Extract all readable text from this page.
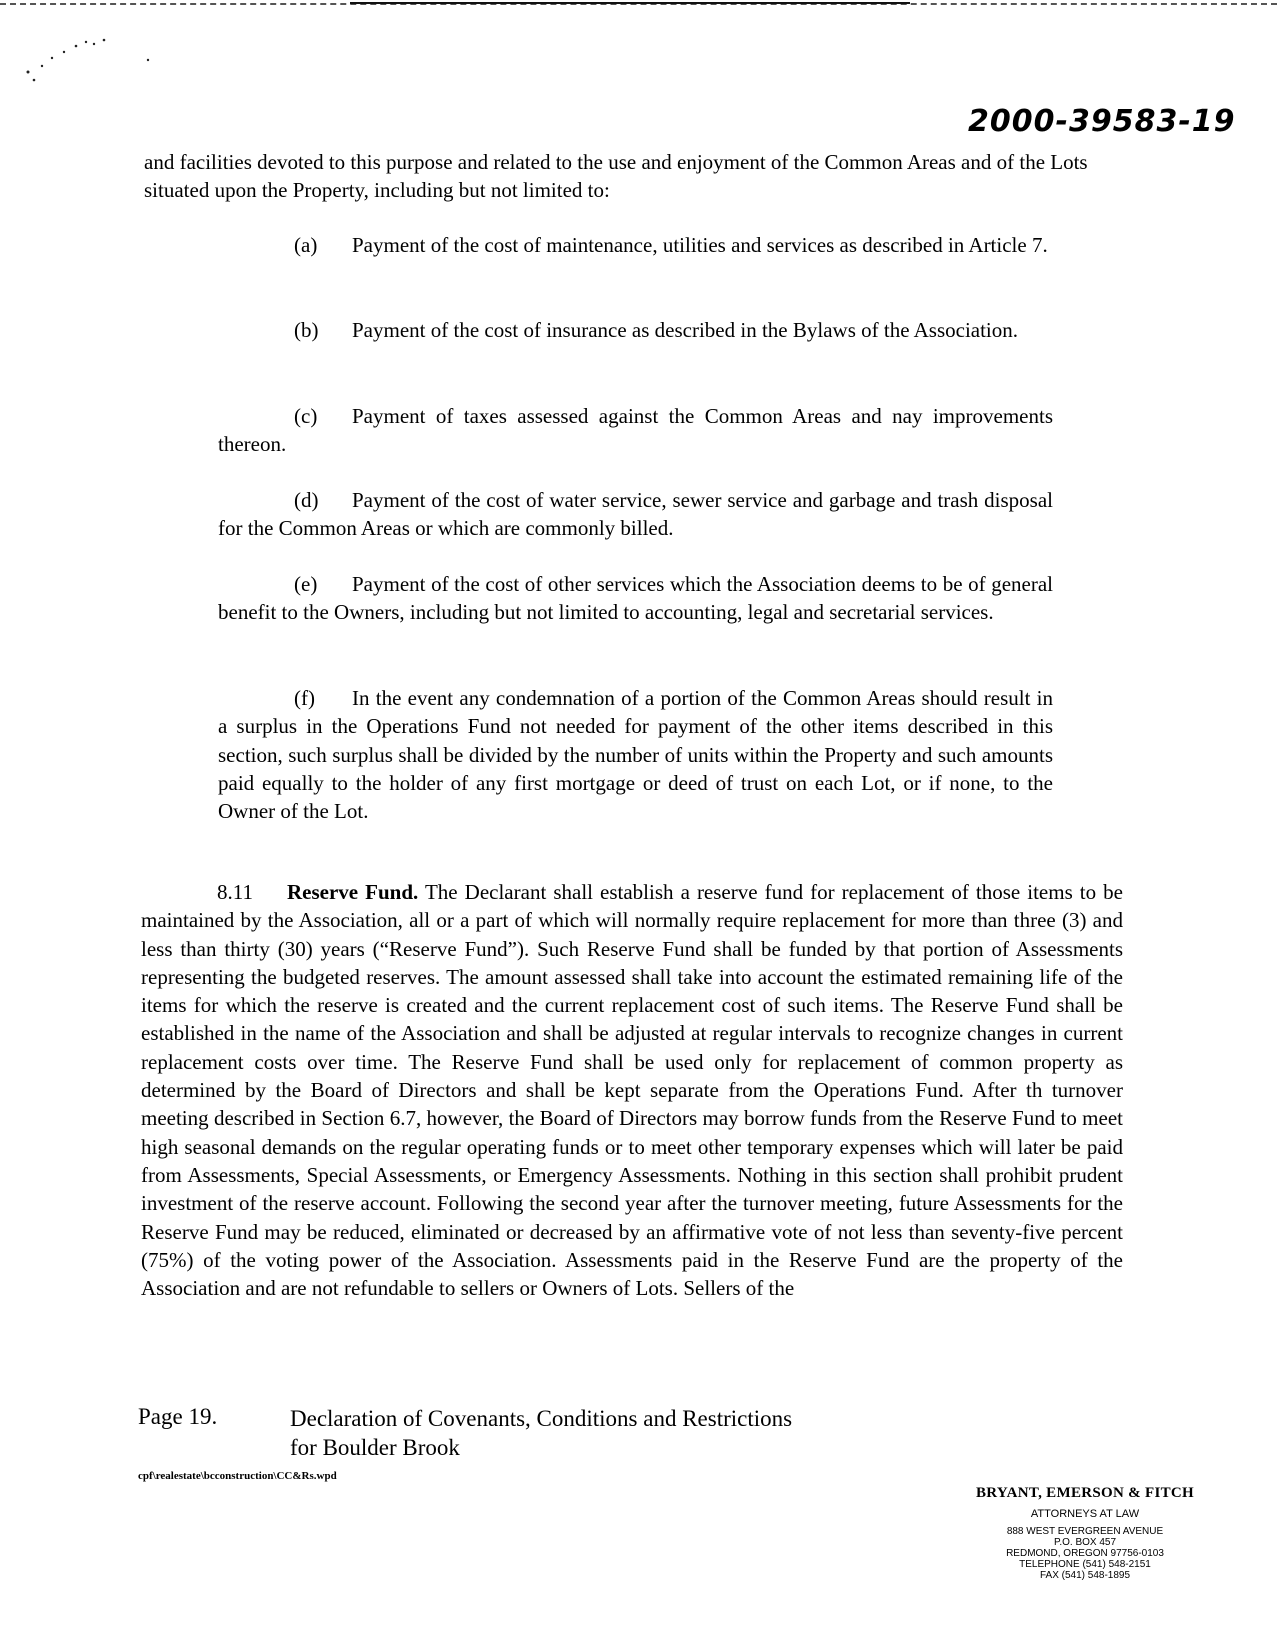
2000-39583-19

and facilities devoted to this purpose and related to the use and enjoyment of the Common Areas and of the Lots situated upon the Property, including but not limited to:

(a) Payment of the cost of maintenance, utilities and services as described in Article 7.

(b) Payment of the cost of insurance as described in the Bylaws of the Association.

(c) Payment of taxes assessed against the Common Areas and nay improvements thereon.

(d) Payment of the cost of water service, sewer service and garbage and trash disposal for the Common Areas or which are commonly billed.

(e) Payment of the cost of other services which the Association deems to be of general benefit to the Owners, including but not limited to accounting, legal and secretarial services.

(f) In the event any condemnation of a portion of the Common Areas should result in a surplus in the Operations Fund not needed for payment of the other items described in this section, such surplus shall be divided by the number of units within the Property and such amounts paid equally to the holder of any first mortgage or deed of trust on each Lot, or if none, to the Owner of the Lot.

8.11 Reserve Fund. The Declarant shall establish a reserve fund for replacement of those items to be maintained by the Association, all or a part of which will normally require replacement for more than three (3) and less than thirty (30) years (“Reserve Fund”). Such Reserve Fund shall be funded by that portion of Assessments representing the budgeted reserves. The amount assessed shall take into account the estimated remaining life of the items for which the reserve is created and the current replacement cost of such items. The Reserve Fund shall be established in the name of the Association and shall be adjusted at regular intervals to recognize changes in current replacement costs over time. The Reserve Fund shall be used only for replacement of common property as determined by the Board of Directors and shall be kept separate from the Operations Fund. After th turnover meeting described in Section 6.7, however, the Board of Directors may borrow funds from the Reserve Fund to meet high seasonal demands on the regular operating funds or to meet other temporary expenses which will later be paid from Assessments, Special Assessments, or Emergency Assessments. Nothing in this section shall prohibit prudent investment of the reserve account. Following the second year after the turnover meeting, future Assessments for the Reserve Fund may be reduced, eliminated or decreased by an affirmative vote of not less than seventy-five percent (75%) of the voting power of the Association. Assessments paid in the Reserve Fund are the property of the Association and are not refundable to sellers or Owners of Lots. Sellers of the

Page 19.	Declaration of Covenants, Conditions and Restrictions
for Boulder Brook
cpf\realestate\bcconstruction\CC&Rs.wpd
BRYANT, EMERSON & FITCH
ATTORNEYS AT LAW
888 WEST EVERGREEN AVENUE
P.O. BOX 457
REDMOND, OREGON 97756-0103
TELEPHONE (541) 548-2151
FAX (541) 548-1895
